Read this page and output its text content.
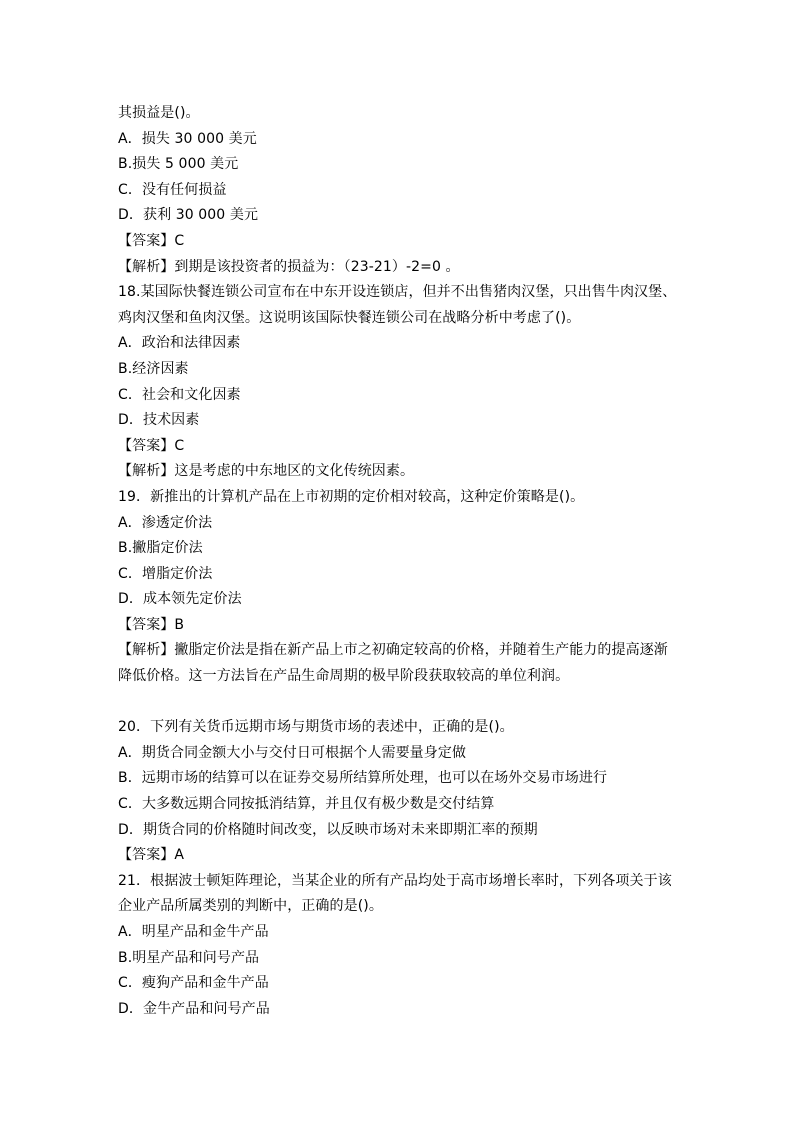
其损益是()。
A．损失 30 000 美元
B.损失 5 000 美元
C．没有任何损益
D．获利 30 000 美元
【答案】C
【解析】到期是该投资者的损益为：（23-21）-2=0 。
18.某国际快餐连锁公司宣布在中东开设连锁店，但并不出售猪肉汉堡，只出售牛肉汉堡、
鸡肉汉堡和鱼肉汉堡。这说明该国际快餐连锁公司在战略分析中考虑了()。
A．政治和法律因素
B.经济因素
C．社会和文化因素
D．技术因素
【答案】C
【解析】这是考虑的中东地区的文化传统因素。
19．新推出的计算机产品在上市初期的定价相对较高，这种定价策略是()。
A．渗透定价法
B.撇脂定价法
C．增脂定价法
D．成本领先定价法
【答案】B
【解析】撇脂定价法是指在新产品上市之初确定较高的价格，并随着生产能力的提高逐渐
降低价格。这一方法旨在产品生命周期的极早阶段获取较高的单位利润。
20．下列有关货币远期市场与期货市场的表述中，正确的是()。
A．期货合同金额大小与交付日可根据个人需要量身定做
B．远期市场的结算可以在证券交易所结算所处理，也可以在场外交易市场进行
C．大多数远期合同按抵消结算，并且仅有极少数是交付结算
D．期货合同的价格随时间改变，以反映市场对未来即期汇率的预期
【答案】A
21．根据波士顿矩阵理论，当某企业的所有产品均处于高市场增长率时，下列各项关于该
企业产品所属类别的判断中，正确的是()。
A．明星产品和金牛产品
B.明星产品和问号产品
C．瘦狗产品和金牛产品
D．金牛产品和问号产品
